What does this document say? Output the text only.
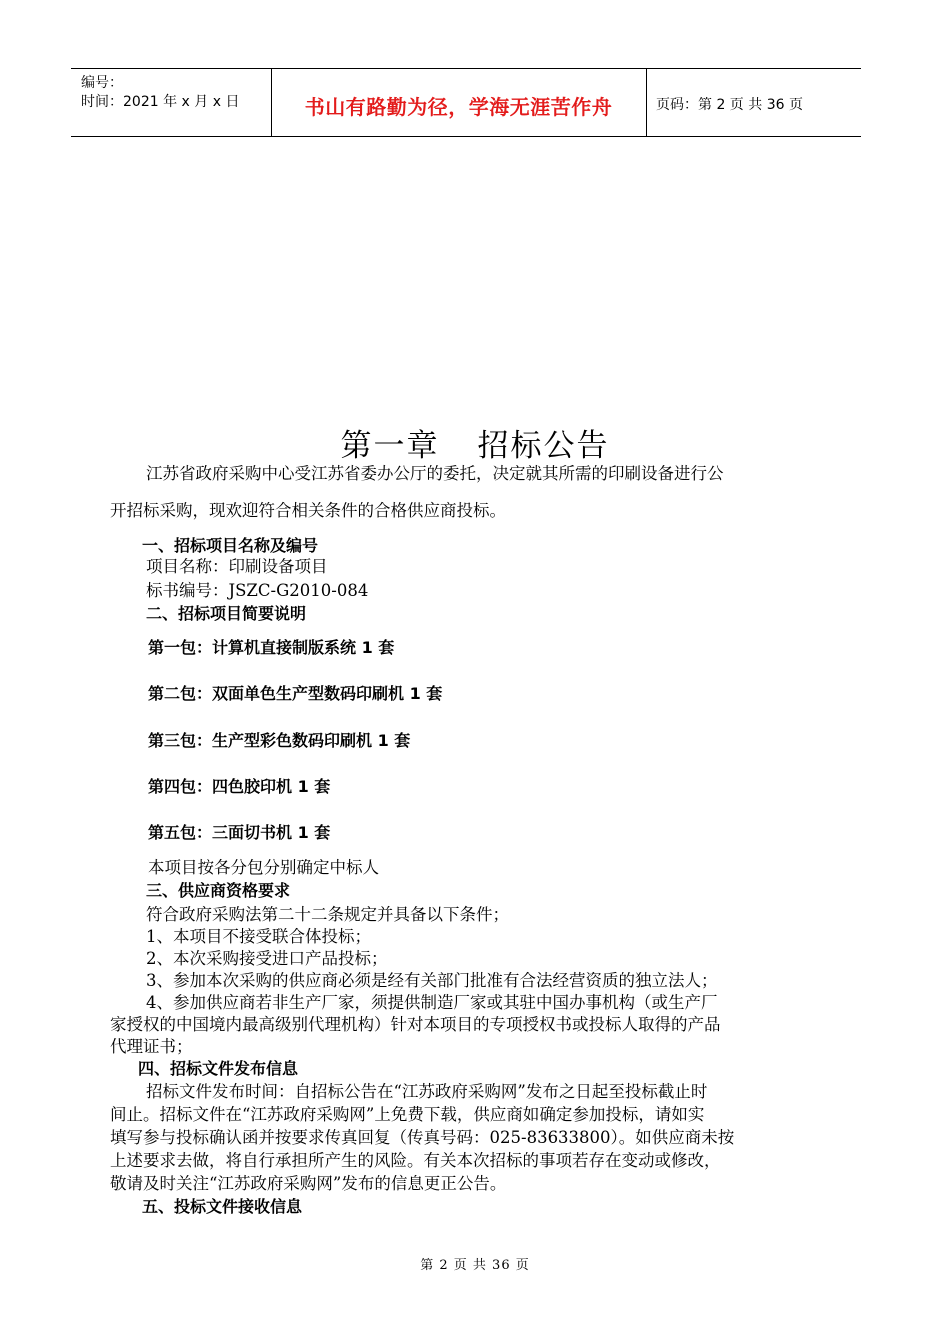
编号：
时间：2021 年 x 月 x 日	书山有路勤为径，学海无涯苦作舟	页码：第 2 页 共 36 页
第一章 招标公告
江苏省政府采购中心受江苏省委办公厅的委托，决定就其所需的印刷设备进行公
开招标采购，现欢迎符合相关条件的合格供应商投标。
一、招标项目名称及编号
项目名称：印刷设备项目
标书编号：JSZC-G2010-084
二、招标项目简要说明
第一包：计算机直接制版系统 1 套
第二包：双面单色生产型数码印刷机 1 套
第三包：生产型彩色数码印刷机 1 套
第四包：四色胶印机 1 套
第五包：三面切书机 1 套
本项目按各分包分别确定中标人
三、供应商资格要求
符合政府采购法第二十二条规定并具备以下条件；
1、本项目不接受联合体投标；
2、本次采购接受进口产品投标；
3、参加本次采购的供应商必须是经有关部门批准有合法经营资质的独立法人；
4、参加供应商若非生产厂家，须提供制造厂家或其驻中国办事机构（或生产厂
家授权的中国境内最高级别代理机构）针对本项目的专项授权书或投标人取得的产品
代理证书；
四、招标文件发布信息
招标文件发布时间：自招标公告在“江苏政府采购网”发布之日起至投标截止时
间止。招标文件在“江苏政府采购网”上免费下载，供应商如确定参加投标，请如实
填写参与投标确认函并按要求传真回复（传真号码：025-83633800）。如供应商未按
上述要求去做，将自行承担所产生的风险。有关本次招标的事项若存在变动或修改，
敬请及时关注“江苏政府采购网”发布的信息更正公告。
五、投标文件接收信息
第 2 页 共 36 页
